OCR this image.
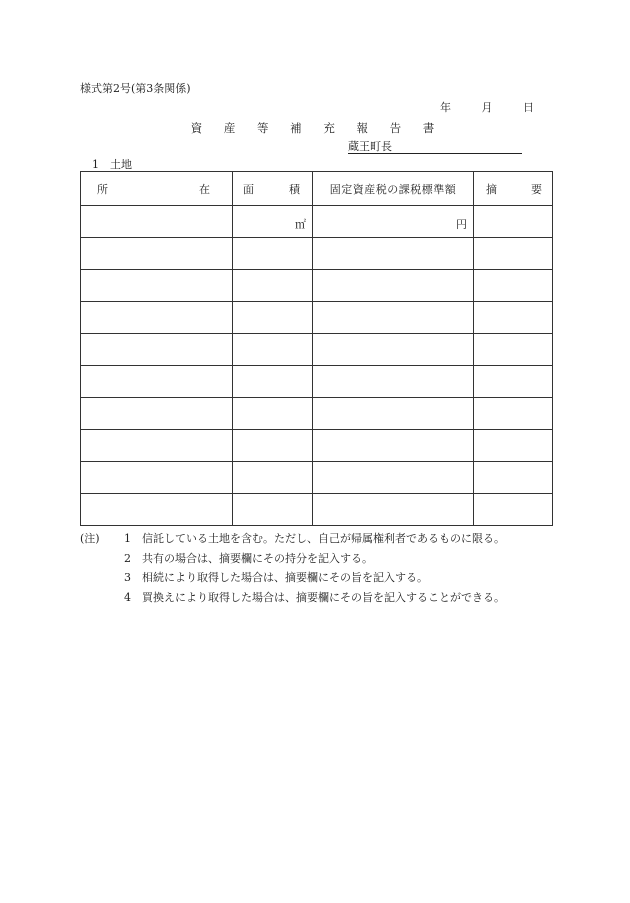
様式第2号(第3条関係)
年	月	日
資 産 等 補 充 報 告 書
蔵王町長
1 土地
所 在	面 積	固定資産税の課税標準額	摘 要

	㎡	円	

(注)	1	信託している土地を含む。ただし、自己が帰属権利者であるものに限る。
2	共有の場合は、摘要欄にその持分を記入する。
3	相続により取得した場合は、摘要欄にその旨を記入する。
4	買換えにより取得した場合は、摘要欄にその旨を記入することができる。
